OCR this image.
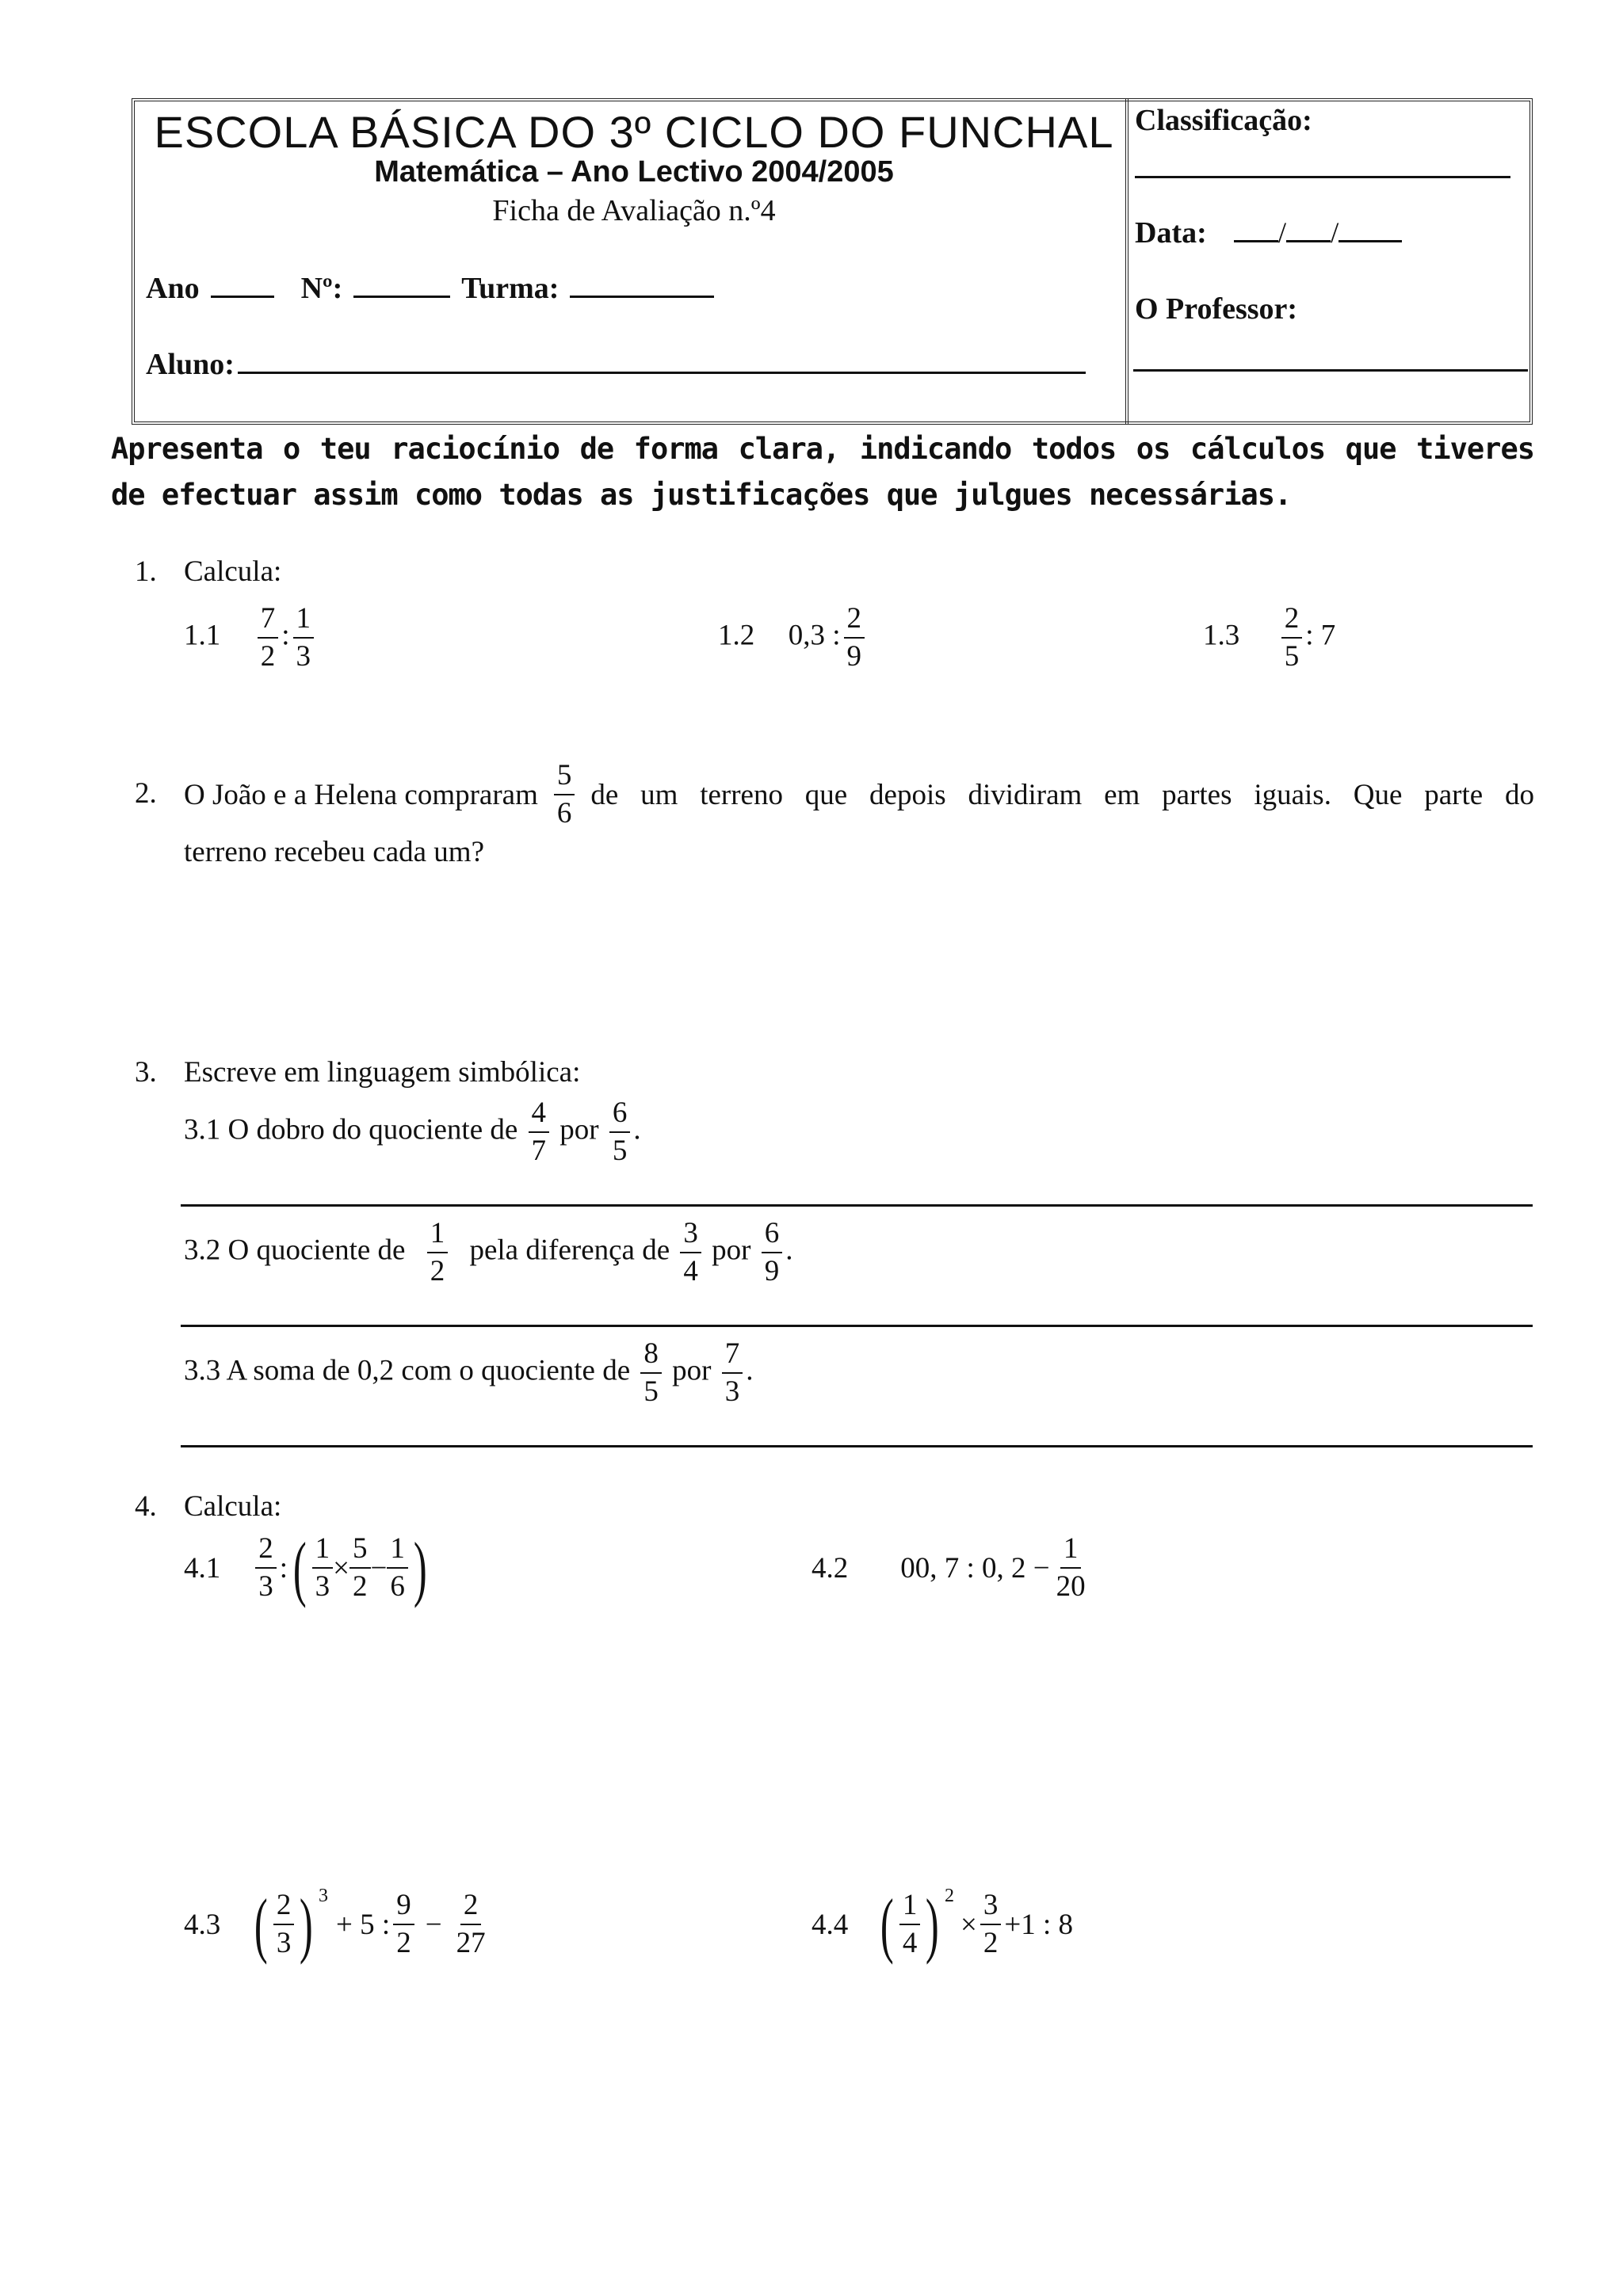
ESCOLA BÁSICA DO 3º CICLO DO FUNCHAL
Matemática – Ano Lectivo 2004/2005
Ficha de Avaliação n.º4
Ano	Nº:	Turma:
Aluno:
Classificação:
Data: / /
O Professor:
Apresenta o teu raciocínio de forma clara, indicando todos os cálculos que tiveres de efectuar assim como todas as justificações que julgues necessárias.
1. Calcula:
$1.1 \frac{7}{2}$ : $\frac{1}{3}$	1.2 0,3 : $\frac{2}{9}$	$1.3 \frac{2}{5}$ : 7
2. O João e a Helena compraram $\frac{5}{6}$ de um terreno que depois dividiram em partes iguais. Que parte do
terreno recebeu cada um?
3. Escreve em linguagem simbólica:
3.1 O dobro do quociente de $\frac{4}{7}$ por $\frac{6}{5}$ .
3.2 O quociente de $\frac{1}{2}$ pela diferença de $\frac{3}{4}$ por $\frac{6}{9}$ .
3.3 A soma de 0,2 com o quociente de $\frac{8}{5}$ por $\frac{7}{3}$ .
4. Calcula:
$4.1 \frac{2}{3}$ : ( $\frac{1}{3} \times \frac{5}{2} - \frac{1}{6}$ )	4.2 00, 7 : 0, $2 - \frac{1}{20}$
4.3 ( $\frac{2}{3}$ ) 3
+ 5 : $\frac{9}{2} - \frac{2}{27}$	4.4 ( $\frac{1}{4}$ ) 2
× $\frac{3}{2} +1$ : 8
